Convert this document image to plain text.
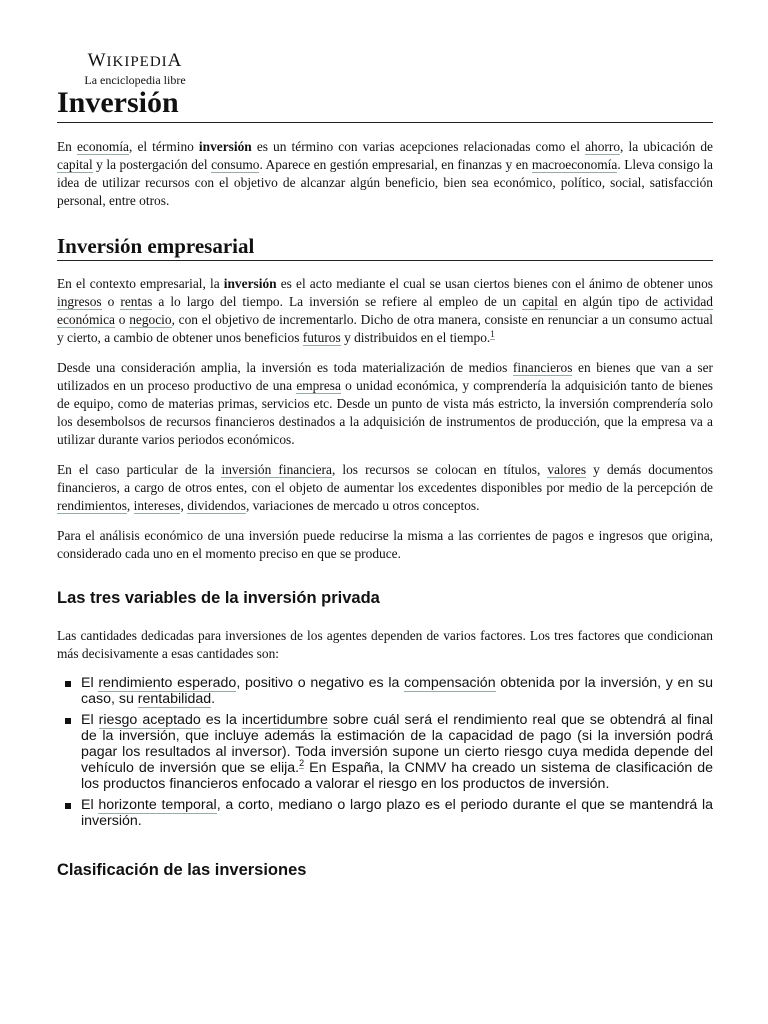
WIKIPEDIA
La enciclopedia libre
Inversión

En economía, el término inversión es un término con varias acepciones relacionadas como el ahorro, la ubicación de capital y la postergación del consumo. Aparece en gestión empresarial, en finanzas y en macroeconomía. Lleva consigo la idea de utilizar recursos con el objetivo de alcanzar algún beneficio, bien sea económico, político, social, satisfacción personal, entre otros.

Inversión empresarial

En el contexto empresarial, la inversión es el acto mediante el cual se usan ciertos bienes con el ánimo de obtener unos ingresos o rentas a lo largo del tiempo. La inversión se refiere al empleo de un capital en algún tipo de actividad económica o negocio, con el objetivo de incrementarlo. Dicho de otra manera, consiste en renunciar a un consumo actual y cierto, a cambio de obtener unos beneficios futuros y distribuidos en el tiempo.$^1$

Desde una consideración amplia, la inversión es toda materialización de medios financieros en bienes que van a ser utilizados en un proceso productivo de una empresa o unidad económica, y comprendería la adquisición tanto de bienes de equipo, como de materias primas, servicios etc. Desde un punto de vista más estricto, la inversión comprendería solo los desembolsos de recursos financieros destinados a la adquisición de instrumentos de producción, que la empresa va a utilizar durante varios periodos económicos.

En el caso particular de la inversión financiera, los recursos se colocan en títulos, valores y demás documentos financieros, a cargo de otros entes, con el objeto de aumentar los excedentes disponibles por medio de la percepción de rendimientos, intereses, dividendos, variaciones de mercado u otros conceptos.

Para el análisis económico de una inversión puede reducirse la misma a las corrientes de pagos e ingresos que origina, considerado cada uno en el momento preciso en que se produce.

Las tres variables de la inversión privada

Las cantidades dedicadas para inversiones de los agentes dependen de varios factores. Los tres factores que condicionan más decisivamente a esas cantidades son:

El rendimiento esperado, positivo o negativo es la compensación obtenida por la inversión, y en su caso, su rentabilidad.
El riesgo aceptado es la incertidumbre sobre cuál será el rendimiento real que se obtendrá al final de la inversión, que incluye además la estimación de la capacidad de pago (si la inversión podrá pagar los resultados al inversor). Toda inversión supone un cierto riesgo cuya medida depende del vehículo de inversión que se elija.$^2$ En España, la CNMV ha creado un sistema de clasificación de los productos financieros enfocado a valorar el riesgo en los productos de inversión.
El horizonte temporal, a corto, mediano o largo plazo es el periodo durante el que se mantendrá la inversión.
Clasificación de las inversiones
